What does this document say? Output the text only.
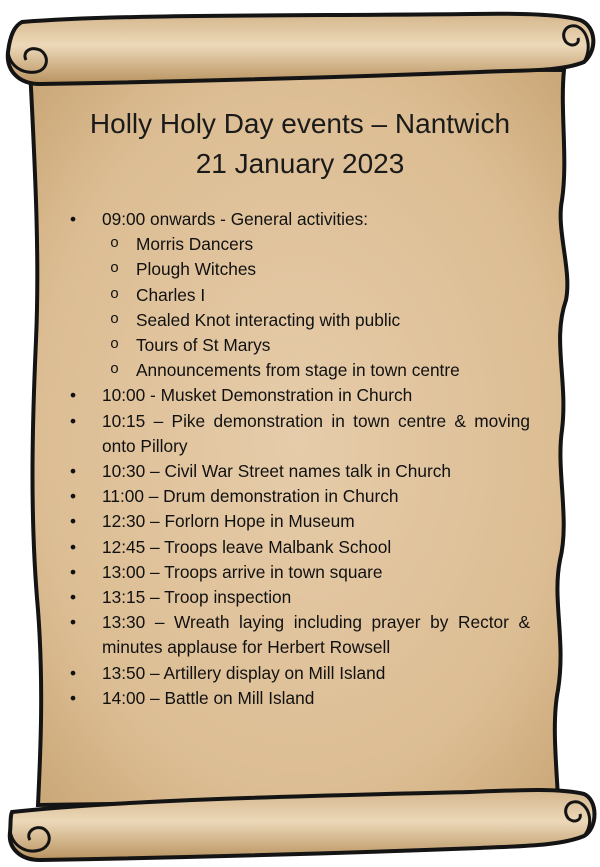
Holly Holy Day events – Nantwich
21 January 2023
• 09:00 onwards - General activities:
o Morris Dancers
o Plough Witches
o Charles I
o Sealed Knot interacting with public
o Tours of St Marys
o Announcements from stage in town centre
• 10:00 - Musket Demonstration in Church
• 10:15 – Pike demonstration in town centre & moving onto Pillory
• 10:30 – Civil War Street names talk in Church
• 11:00 – Drum demonstration in Church
• 12:30 – Forlorn Hope in Museum
• 12:45 – Troops leave Malbank School
• 13:00 – Troops arrive in town square
• 13:15 – Troop inspection
• 13:30 – Wreath laying including prayer by Rector & minutes applause for Herbert Rowsell
• 13:50 – Artillery display on Mill Island
• 14:00 – Battle on Mill Island
